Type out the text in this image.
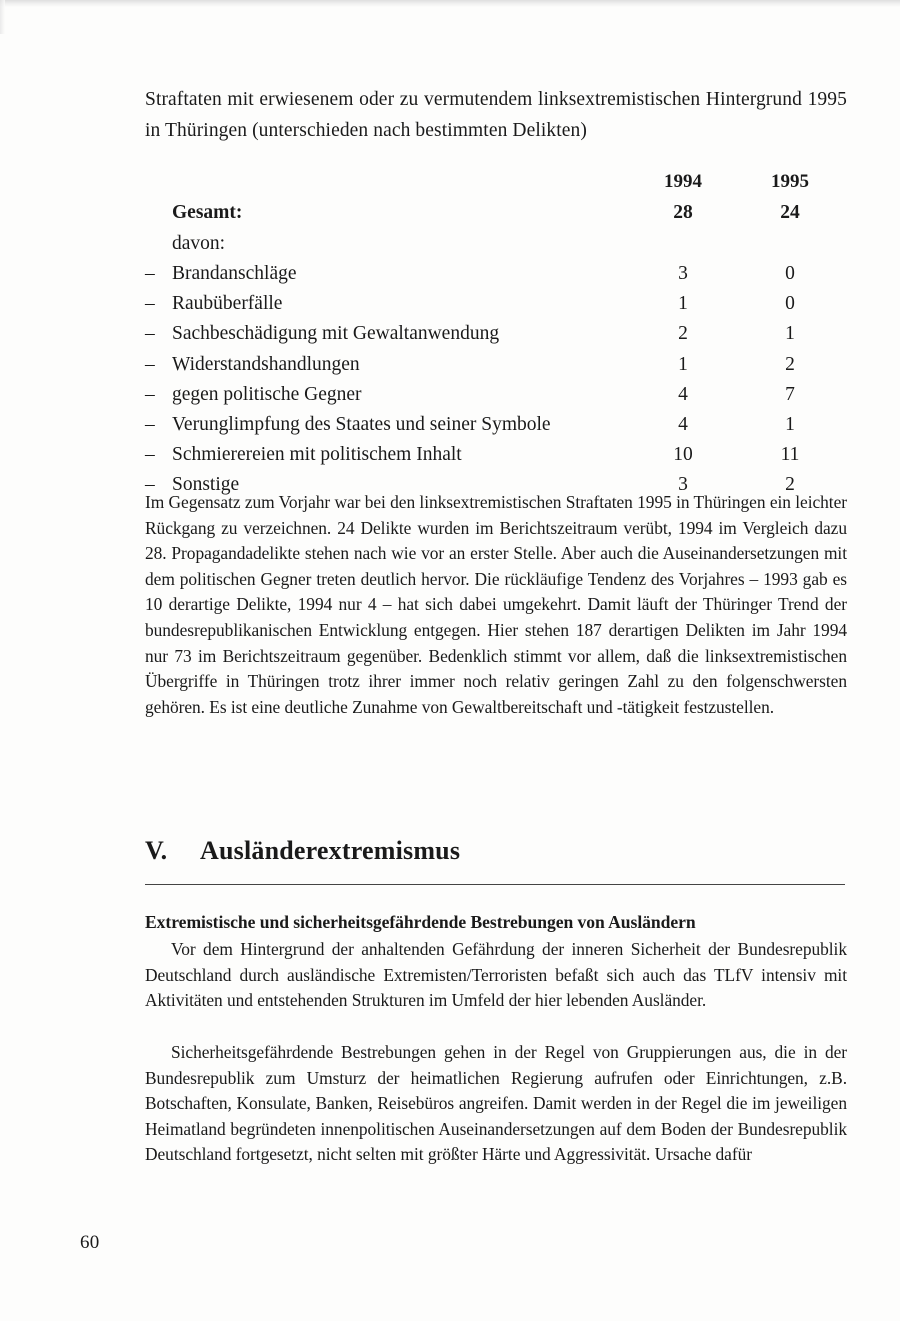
Straftaten mit erwiesenem oder zu vermutendem linksextremistischen Hintergrund 1995 in Thüringen (unterschieden nach bestimmten Delikten)
		1994	1995
	Gesamt:	28	24
	davon:		
–	Brandanschläge	3	0
–	Raubüberfälle	1	0
–	Sachbeschädigung mit Gewaltanwendung	2	1
–	Widerstandshandlungen	1	2
–	gegen politische Gegner	4	7
–	Verunglimpfung des Staates und seiner Symbole	4	1
–	Schmierereien mit politischem Inhalt	10	11
–	Sonstige	3	2

Im Gegensatz zum Vorjahr war bei den linksextremistischen Straftaten 1995 in Thüringen ein leichter Rückgang zu verzeichnen. 24 Delikte wurden im Berichtszeitraum verübt, 1994 im Vergleich dazu 28. Propagandadelikte stehen nach wie vor an erster Stelle. Aber auch die Auseinandersetzungen mit dem politischen Gegner treten deutlich hervor. Die rückläufige Tendenz des Vorjahres – 1993 gab es 10 derartige Delikte, 1994 nur 4 – hat sich dabei umgekehrt. Damit läuft der Thüringer Trend der bundesrepublikanischen Entwicklung entgegen. Hier stehen 187 derartigen Delikten im Jahr 1994 nur 73 im Berichtszeitraum gegenüber. Bedenklich stimmt vor allem, daß die linksextremistischen Übergriffe in Thüringen trotz ihrer immer noch relativ geringen Zahl zu den folgenschwersten gehören. Es ist eine deutliche Zunahme von Gewaltbereitschaft und -tätigkeit festzustellen.

V. Ausländerextremismus
Extremistische und sicherheitsgefährdende Bestrebungen von Ausländern

Vor dem Hintergrund der anhaltenden Gefährdung der inneren Sicherheit der Bundesrepublik Deutschland durch ausländische Extremisten/Terroristen befaßt sich auch das TLfV intensiv mit Aktivitäten und entstehenden Strukturen im Umfeld der hier lebenden Ausländer.

Sicherheitsgefährdende Bestrebungen gehen in der Regel von Gruppierungen aus, die in der Bundesrepublik zum Umsturz der heimatlichen Regierung aufrufen oder Einrichtungen, z.B. Botschaften, Konsulate, Banken, Reisebüros angreifen. Damit werden in der Regel die im jeweiligen Heimatland begründeten innenpolitischen Auseinandersetzungen auf dem Boden der Bundesrepublik Deutschland fortgesetzt, nicht selten mit größter Härte und Aggressivität. Ursache dafür

60
